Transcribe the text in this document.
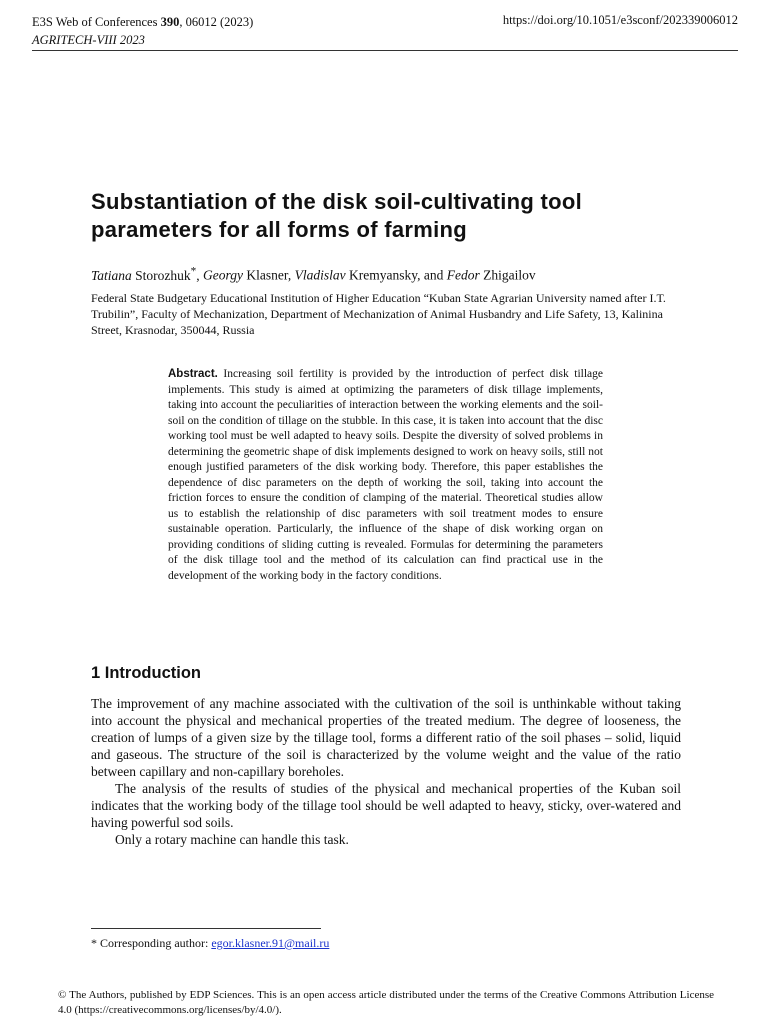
E3S Web of Conferences 390, 06012 (2023)
AGRITECH-VIII 2023
https://doi.org/10.1051/e3sconf/202339006012
Substantiation of the disk soil-cultivating tool parameters for all forms of farming
Tatiana Storozhuk*, Georgy Klasner, Vladislav Kremyansky, and Fedor Zhigailov
Federal State Budgetary Educational Institution of Higher Education “Kuban State Agrarian University named after I.T. Trubilin”, Faculty of Mechanization, Department of Mechanization of Animal Husbandry and Life Safety, 13, Kalinina Street, Krasnodar, 350044, Russia
Abstract. Increasing soil fertility is provided by the introduction of perfect disk tillage implements. This study is aimed at optimizing the parameters of disk tillage implements, taking into account the peculiarities of interaction between the working elements and the soil-soil on the condition of tillage on the stubble. In this case, it is taken into account that the disc working tool must be well adapted to heavy soils. Despite the diversity of solved problems in determining the geometric shape of disk implements designed to work on heavy soils, still not enough justified parameters of the disk working body. Therefore, this paper establishes the dependence of disc parameters on the depth of working the soil, taking into account the friction forces to ensure the condition of clamping of the material. Theoretical studies allow us to establish the relationship of disc parameters with soil treatment modes to ensure sustainable operation. Particularly, the influence of the shape of disk working organ on providing conditions of sliding cutting is revealed. Formulas for determining the parameters of the disk tillage tool and the method of its calculation can find practical use in the development of the working body in the factory conditions.
1 Introduction

The improvement of any machine associated with the cultivation of the soil is unthinkable without taking into account the physical and mechanical properties of the treated medium. The degree of looseness, the creation of lumps of a given size by the tillage tool, forms a different ratio of the soil phases – solid, liquid and gaseous. The structure of the soil is characterized by the volume weight and the value of the ratio between capillary and non-capillary boreholes.

The analysis of the results of studies of the physical and mechanical properties of the Kuban soil indicates that the working body of the tillage tool should be well adapted to heavy, sticky, over-watered and having powerful sod soils.

Only a rotary machine can handle this task.

* Corresponding author: egor.klasner.91@mail.ru
© The Authors, published by EDP Sciences. This is an open access article distributed under the terms of the Creative Commons Attribution License 4.0 (https://creativecommons.org/licenses/by/4.0/).
